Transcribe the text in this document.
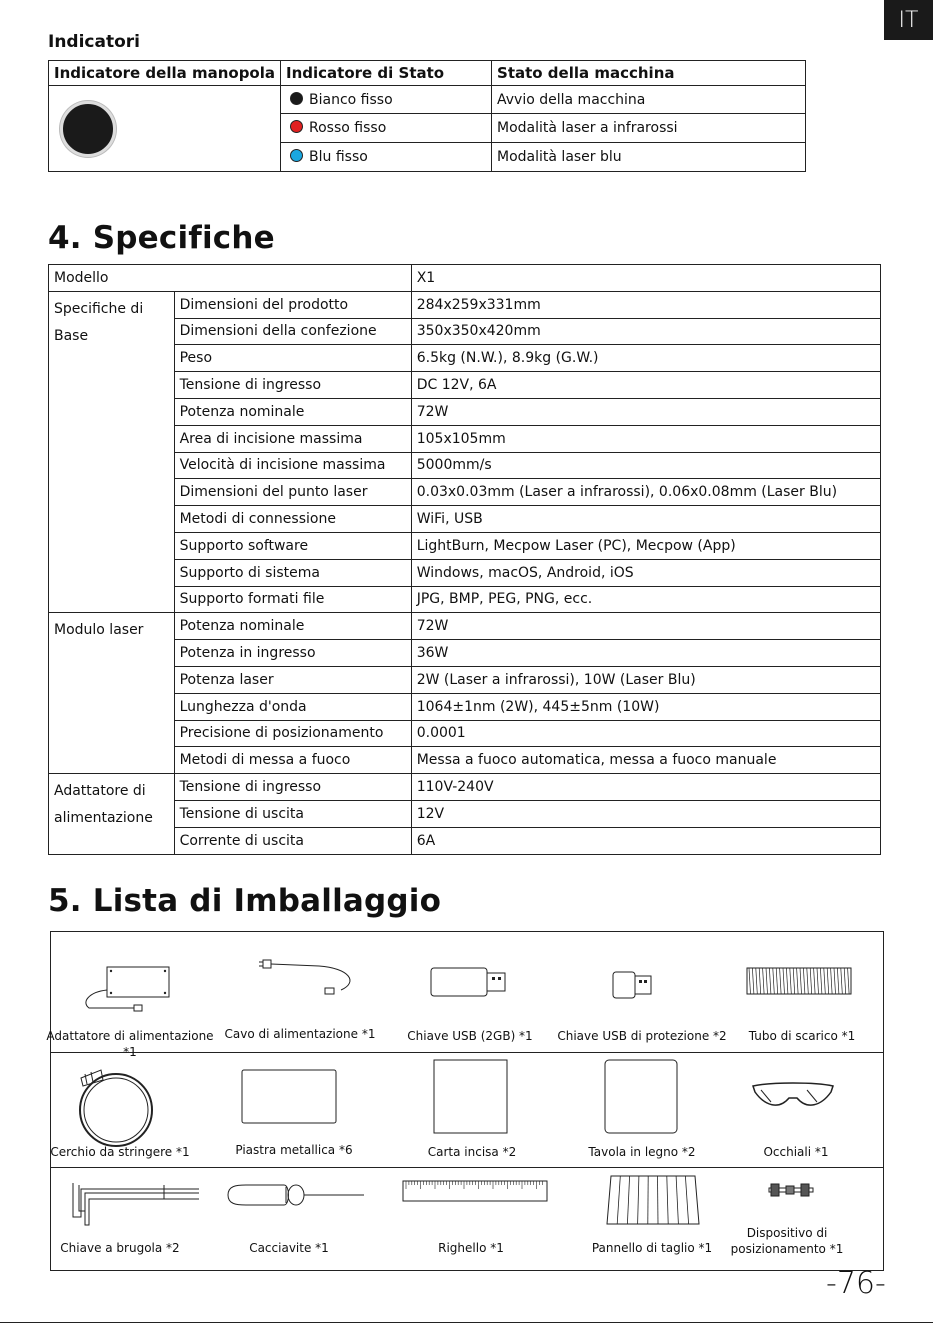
IT
Indicatori
Indicatore della manopola	Indicatore di Stato	Stato della macchina

	Bianco fisso	Avvio della macchina
	Rosso fisso	Modalità laser a infrarossi
	Blu fisso	Modalità laser blu
4. Specifiche
Modello		X1
Specifiche di Base	Dimensioni del prodotto	284x259x331mm
	Dimensioni della confezione	350x350x420mm
	Peso	6.5kg (N.W.), 8.9kg (G.W.)
	Tensione di ingresso	DC 12V, 6A
	Potenza nominale	72W
	Area di incisione massima	105x105mm
	Velocità di incisione massima	5000mm/s
	Dimensioni del punto laser	0.03x0.03mm (Laser a infrarossi), 0.06x0.08mm (Laser Blu)
	Metodi di connessione	WiFi, USB
	Supporto software	LightBurn, Mecpow Laser (PC), Mecpow (App)
	Supporto di sistema	Windows, macOS, Android, iOS
	Supporto formati file	JPG, BMP, PEG, PNG, ecc.
Modulo laser	Potenza nominale	72W
	Potenza in ingresso	36W
	Potenza laser	2W (Laser a infrarossi), 10W (Laser Blu)
	Lunghezza d'onda	1064±1nm (2W), 445±5nm (10W)
	Precisione di posizionamento	0.0001
	Metodi di messa a fuoco	Messa a fuoco automatica, messa a fuoco manuale
Adattatore di alimentazione	Tensione di ingresso	110V-240V
	Tensione di uscita	12V
	Corrente di uscita	6A
5. Lista di Imballaggio
Adattatore di alimentazione *1
Cavo di alimentazione *1	Chiave USB (2GB) *1	Chiave USB di protezione *2	Tubo di scarico *1
Cerchio da stringere *1	Piastra metallica *6	Carta incisa *2	Tavola in legno *2	Occhiali *1
Chiave a brugola *2	Cacciavite *1	Righello *1	Pannello di taglio *1
Dispositivo di posizionamento *1
-76-
